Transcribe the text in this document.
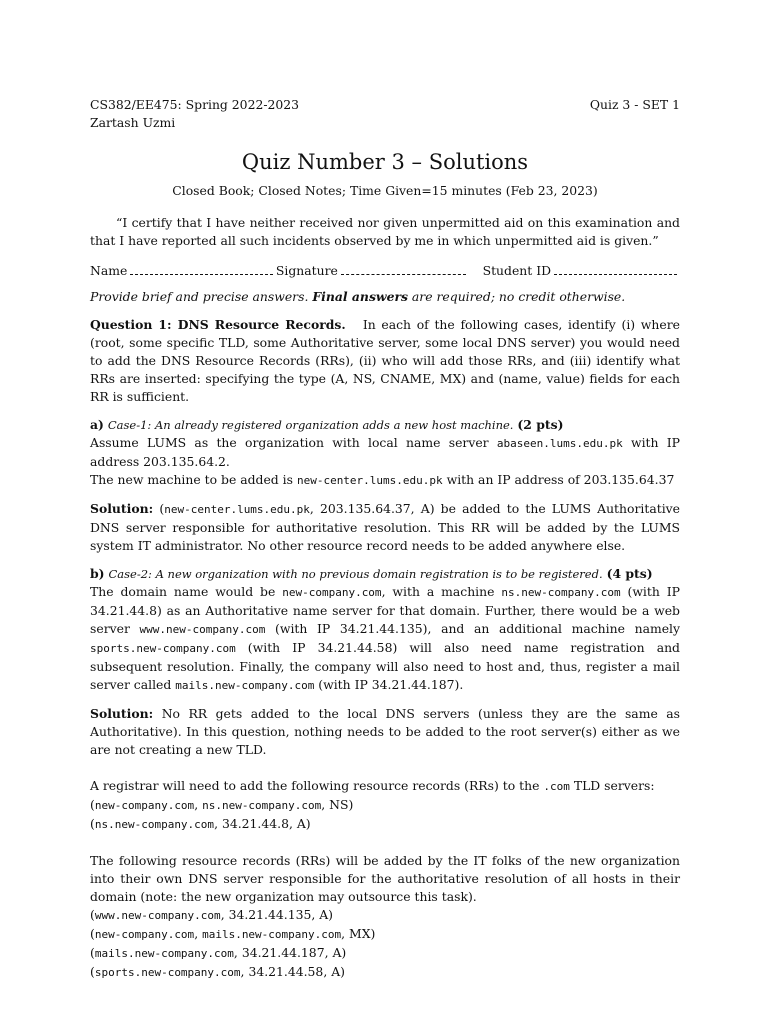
CS382/EE475: Spring 2022-2023
Zartash Uzmi
Quiz 3 - SET 1
Quiz Number 3 – Solutions
Closed Book; Closed Notes; Time Given=15 minutes (Feb 23, 2023)
“I certify that I have neither received nor given unpermitted aid on this examination and that I have reported all such incidents observed by me in which unpermitted aid is given.”
Name	Signature	Student ID
Provide brief and precise answers. Final answers are required; no credit otherwise.
Question 1: DNS Resource Records. In each of the following cases, identify (i) where (root, some specific TLD, some Authoritative server, some local DNS server) you would need to add the DNS Resource Records (RRs), (ii) who will add those RRs, and (iii) identify what RRs are inserted: specifying the type (A, NS, CNAME, MX) and (name, value) fields for each RR is sufficient.
a) Case-1: An already registered organization adds a new host machine. (2 pts)
Assume LUMS as the organization with local name server abaseen.lums.edu.pk with IP address 203.135.64.2.
The new machine to be added is new-center.lums.edu.pk with an IP address of 203.135.64.37
Solution: (new-center.lums.edu.pk, 203.135.64.37, A) be added to the LUMS Authoritative DNS server responsible for authoritative resolution. This RR will be added by the LUMS system IT administrator. No other resource record needs to be added anywhere else.
b) Case-2: A new organization with no previous domain registration is to be registered. (4 pts)
The domain name would be new-company.com, with a machine ns.new-company.com (with IP 34.21.44.8) as an Authoritative name server for that domain. Further, there would be a web server www.new-company.com (with IP 34.21.44.135), and an additional machine namely sports.new-company.com (with IP 34.21.44.58) will also need name registration and subsequent resolution. Finally, the company will also need to host and, thus, register a mail server called mails.new-company.com (with IP 34.21.44.187).
Solution: No RR gets added to the local DNS servers (unless they are the same as Authoritative). In this question, nothing needs to be added to the root server(s) either as we are not creating a new TLD.
A registrar will need to add the following resource records (RRs) to the .com TLD servers:
(new-company.com, ns.new-company.com, NS)
(ns.new-company.com, 34.21.44.8, A)
The following resource records (RRs) will be added by the IT folks of the new organization into their own DNS server responsible for the authoritative resolution of all hosts in their domain (note: the new organization may outsource this task).
(www.new-company.com, 34.21.44.135, A)
(new-company.com, mails.new-company.com, MX)
(mails.new-company.com, 34.21.44.187, A)
(sports.new-company.com, 34.21.44.58, A)
